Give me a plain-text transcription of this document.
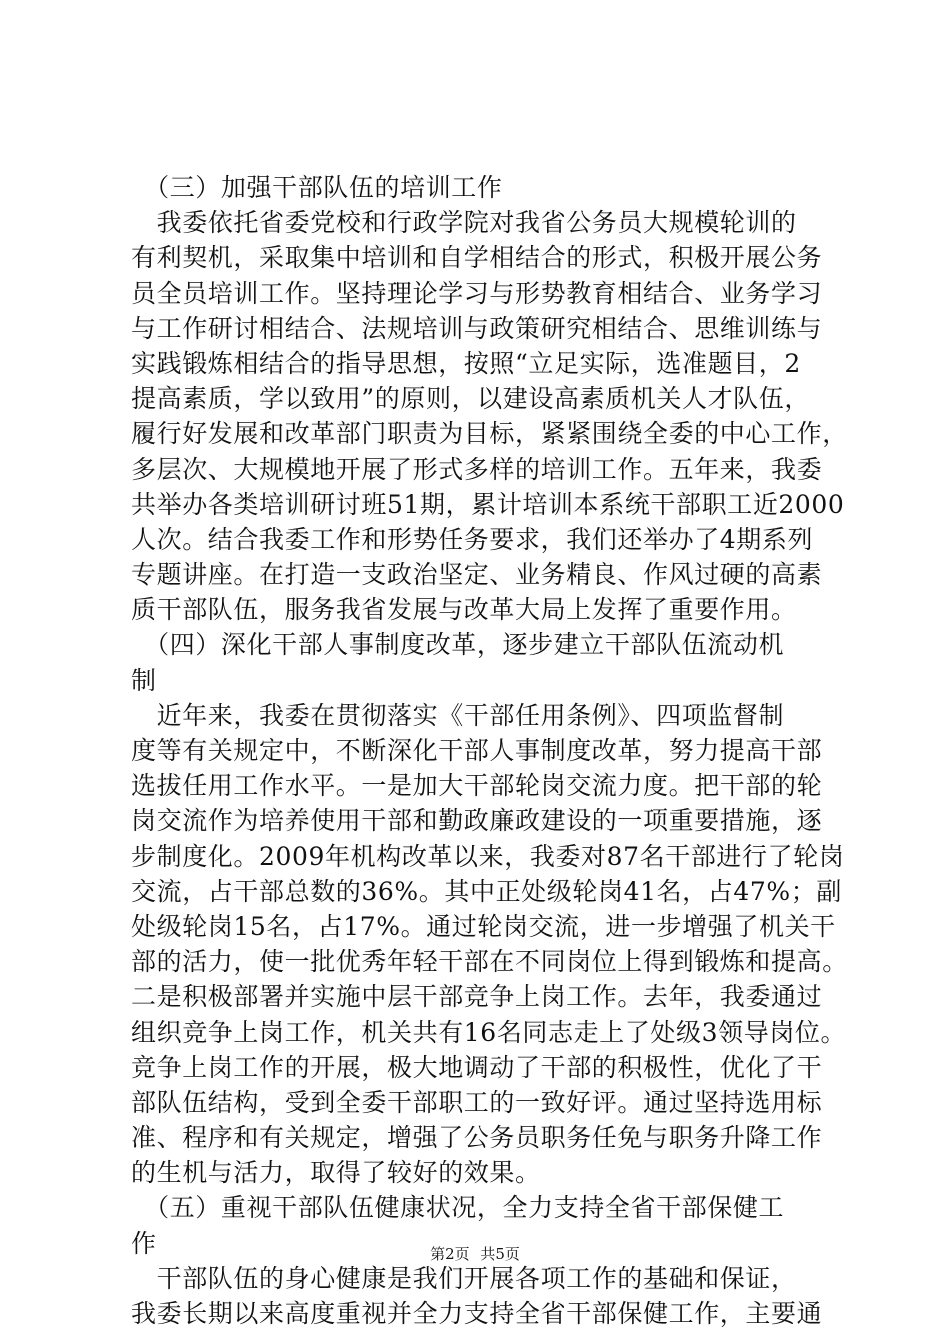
　（三）加强干部队伍的培训工作
　我委依托省委党校和行政学院对我省公务员大规模轮训的
有利契机，采取集中培训和自学相结合的形式，积极开展公务
员全员培训工作。坚持理论学习与形势教育相结合、业务学习
与工作研讨相结合、法规培训与政策研究相结合、思维训练与
实践锻炼相结合的指导思想，按照“立足实际，选准题目，2
提高素质，学以致用”的原则，以建设高素质机关人才队伍，
履行好发展和改革部门职责为目标，紧紧围绕全委的中心工作，
多层次、大规模地开展了形式多样的培训工作。五年来，我委
共举办各类培训研讨班51期，累计培训本系统干部职工近2000
人次。结合我委工作和形势任务要求，我们还举办了4期系列
专题讲座。在打造一支政治坚定、业务精良、作风过硬的高素
质干部队伍，服务我省发展与改革大局上发挥了重要作用。
　（四）深化干部人事制度改革，逐步建立干部队伍流动机
制
　近年来，我委在贯彻落实《干部任用条例》、四项监督制
度等有关规定中，不断深化干部人事制度改革，努力提高干部
选拔任用工作水平。一是加大干部轮岗交流力度。把干部的轮
岗交流作为培养使用干部和勤政廉政建设的一项重要措施，逐
步制度化。2009年机构改革以来，我委对87名干部进行了轮岗
交流，占干部总数的36%。其中正处级轮岗41名，占47%；副
处级轮岗15名，占17%。通过轮岗交流，进一步增强了机关干
部的活力，使一批优秀年轻干部在不同岗位上得到锻炼和提高。
二是积极部署并实施中层干部竞争上岗工作。去年，我委通过
组织竞争上岗工作，机关共有16名同志走上了处级3领导岗位。
竞争上岗工作的开展，极大地调动了干部的积极性，优化了干
部队伍结构，受到全委干部职工的一致好评。通过坚持选用标
准、程序和有关规定，增强了公务员职务任免与职务升降工作
的生机与活力，取得了较好的效果。
　（五）重视干部队伍健康状况，全力支持全省干部保健工
作
　干部队伍的身心健康是我们开展各项工作的基础和保证，
我委长期以来高度重视并全力支持全省干部保健工作，主要通
第2页 共5页
